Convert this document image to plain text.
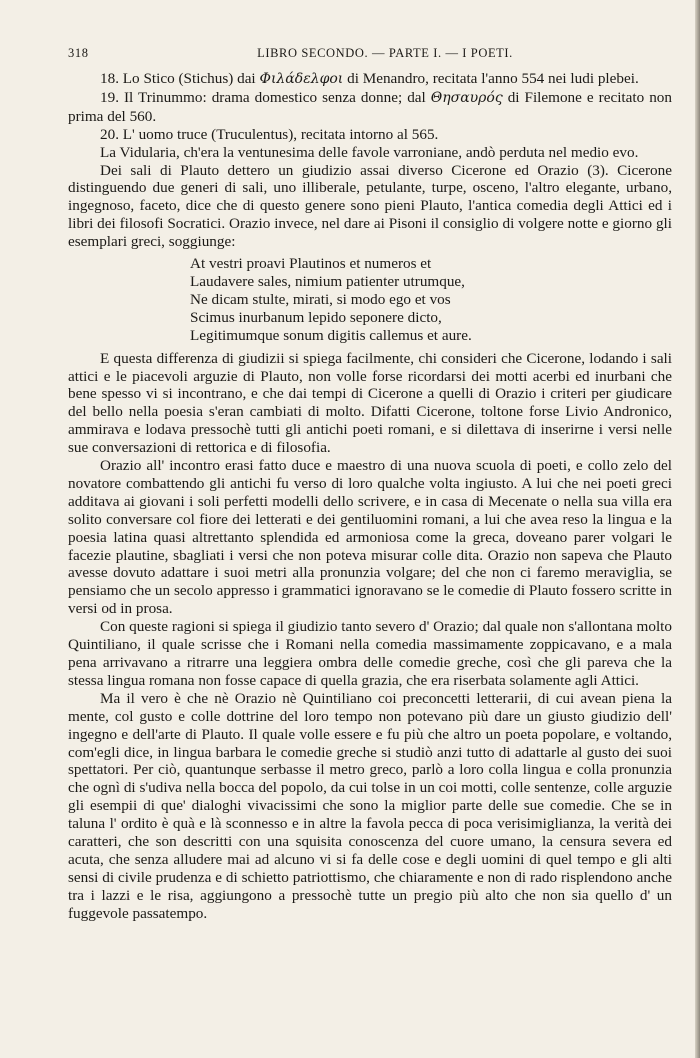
318	LIBRO SECONDO. — PARTE I. — I POETI.

18. Lo Stico (Stichus) dai Φιλάδελφοι di Menandro, recitata l'anno 554 nei ludi plebei.

19. Il Trinummo: drama domestico senza donne; dal Θησαυρός di Filemone e recitato non prima del 560.

20. L' uomo truce (Truculentus), recitata intorno al 565.

La Vidularia, ch'era la ventunesima delle favole varroniane, andò perduta nel medio evo.

Dei sali di Plauto dettero un giudizio assai diverso Cicerone ed Orazio (3). Cicerone distinguendo due generi di sali, uno illiberale, petulante, turpe, osceno, l'altro elegante, urbano, ingegnoso, faceto, dice che di questo genere sono pieni Plauto, l'antica comedia degli Attici ed i libri dei filosofi Socratici. Orazio invece, nel dare ai Pisoni il consiglio di volgere notte e giorno gli esemplari greci, soggiunge:

At vestri proavi Plautinos et numeros et
Laudavere sales, nimium patienter utrumque,
Ne dicam stulte, mirati, si modo ego et vos
Scimus inurbanum lepido seponere dicto,
Legitimumque sonum digitis callemus et aure.

E questa differenza di giudizii si spiega facilmente, chi consideri che Cicerone, lodando i sali attici e le piacevoli arguzie di Plauto, non volle forse ricordarsi dei motti acerbi ed inurbani che bene spesso vi si incontrano, e che dai tempi di Cicerone a quelli di Orazio i criteri per giudicare del bello nella poesia s'eran cambiati di molto. Difatti Cicerone, toltone forse Livio Andronico, ammirava e lodava pressochè tutti gli antichi poeti romani, e si dilettava di inserirne i versi nelle sue conversazioni di rettorica e di filosofia.

Orazio all' incontro erasi fatto duce e maestro di una nuova scuola di poeti, e collo zelo del novatore combattendo gli antichi fu verso di loro qualche volta ingiusto. A lui che nei poeti greci additava ai giovani i soli perfetti modelli dello scrivere, e in casa di Mecenate o nella sua villa era solito conversare col fiore dei letterati e dei gentiluomini romani, a lui che avea reso la lingua e la poesia latina quasi altrettanto splendida ed armoniosa come la greca, doveano parer volgari le facezie plautine, sbagliati i versi che non poteva misurar colle dita. Orazio non sapeva che Plauto avesse dovuto adattare i suoi metri alla pronunzia volgare; del che non ci faremo meraviglia, se pensiamo che un secolo appresso i grammatici ignoravano se le comedie di Plauto fossero scritte in versi od in prosa.

Con queste ragioni si spiega il giudizio tanto severo d' Orazio; dal quale non s'allontana molto Quintiliano, il quale scrisse che i Romani nella comedia massimamente zoppicavano, e a mala pena arrivavano a ritrarre una leggiera ombra delle comedie greche, così che gli pareva che la stessa lingua romana non fosse capace di quella grazia, che era riserbata solamente agli Attici.

Ma il vero è che nè Orazio nè Quintiliano coi preconcetti letterarii, di cui avean piena la mente, col gusto e colle dottrine del loro tempo non potevano più dare un giusto giudizio dell' ingegno e dell'arte di Plauto. Il quale volle essere e fu più che altro un poeta popolare, e voltando, com'egli dice, in lingua barbara le comedie greche si studiò anzi tutto di adattarle al gusto dei suoi spettatori. Per ciò, quantunque serbasse il metro greco, parlò a loro colla lingua e colla pronunzia che ognì di s'udiva nella bocca del popolo, da cui tolse in un coi motti, colle sentenze, colle arguzie gli esempii di que' dialoghi vivacissimi che sono la miglior parte delle sue comedie. Che se in taluna l' ordito è quà e là sconnesso e in altre la favola pecca di poca verisimiglianza, la verità dei caratteri, che son descritti con una squisita conoscenza del cuore umano, la censura severa ed acuta, che senza alludere mai ad alcuno vi si fa delle cose e degli uomini di quel tempo e gli alti sensi di civile prudenza e di schietto patriottismo, che chiaramente e non di rado risplendono anche tra i lazzi e le risa, aggiungono a pressochè tutte un pregio più alto che non sia quello d' un fuggevole passatempo.
